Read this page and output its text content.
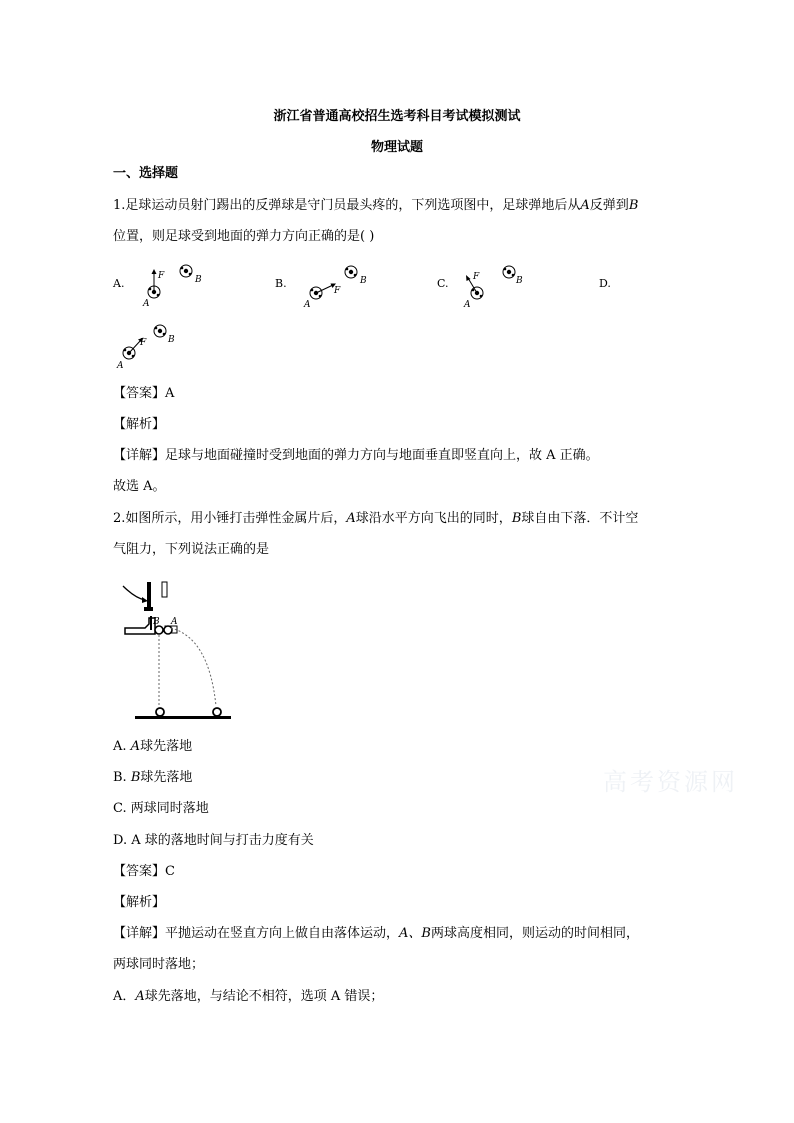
浙江省普通高校招生选考科目考试模拟测试
物理试题
一、选择题
1.足球运动员射门踢出的反弹球是守门员最头疼的，下列选项图中，足球弹地后从A反弹到B
位置，则足球受到地面的弹力方向正确的是( )
A.	B.	C.	D.
F
A
B
F
A
B	F
A
B
F
A
B
【答案】A
【解析】
【详解】足球与地面碰撞时受到地面的弹力方向与地面垂直即竖直向上，故 A 正确。
故选 A。
2.如图所示，用小锤打击弹性金属片后，A球沿水平方向飞出的同时，B球自由下落．不计空
气阻力，下列说法正确的是
B A
A. A球先落地
B. B球先落地
C. 两球同时落地
D. A 球的落地时间与打击力度有关
【答案】C
【解析】
【详解】平抛运动在竖直方向上做自由落体运动，A、B两球高度相同，则运动的时间相同，
两球同时落地；
A．A球先落地，与结论不相符，选项 A 错误；
高考资源网
